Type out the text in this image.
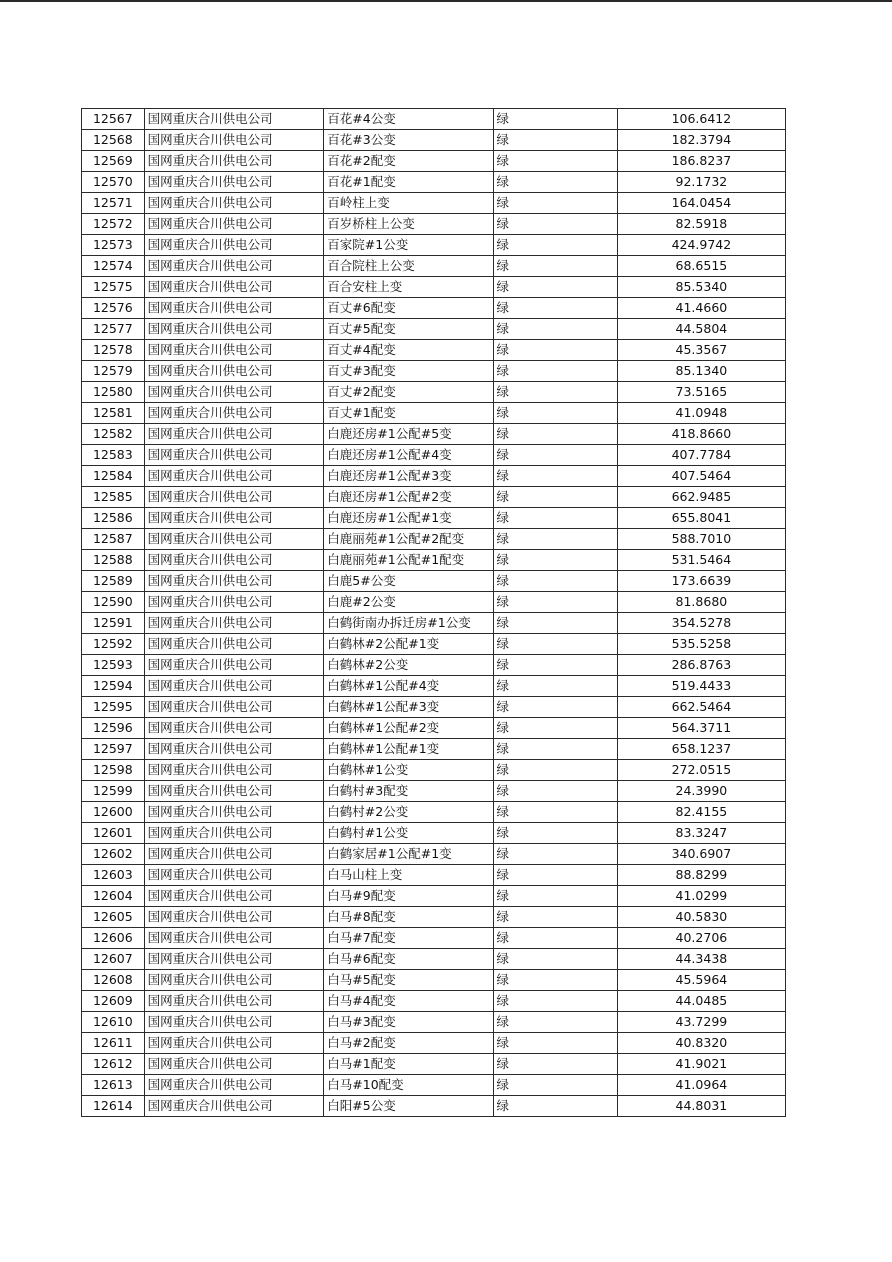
12567	国网重庆合川供电公司	百花#4公变	绿	106.6412
12568	国网重庆合川供电公司	百花#3公变	绿	182.3794
12569	国网重庆合川供电公司	百花#2配变	绿	186.8237
12570	国网重庆合川供电公司	百花#1配变	绿	92.1732
12571	国网重庆合川供电公司	百岭柱上变	绿	164.0454
12572	国网重庆合川供电公司	百岁桥柱上公变	绿	82.5918
12573	国网重庆合川供电公司	百家院#1公变	绿	424.9742
12574	国网重庆合川供电公司	百合院柱上公变	绿	68.6515
12575	国网重庆合川供电公司	百合安柱上变	绿	85.5340
12576	国网重庆合川供电公司	百丈#6配变	绿	41.4660
12577	国网重庆合川供电公司	百丈#5配变	绿	44.5804
12578	国网重庆合川供电公司	百丈#4配变	绿	45.3567
12579	国网重庆合川供电公司	百丈#3配变	绿	85.1340
12580	国网重庆合川供电公司	百丈#2配变	绿	73.5165
12581	国网重庆合川供电公司	百丈#1配变	绿	41.0948
12582	国网重庆合川供电公司	白鹿还房#1公配#5变	绿	418.8660
12583	国网重庆合川供电公司	白鹿还房#1公配#4变	绿	407.7784
12584	国网重庆合川供电公司	白鹿还房#1公配#3变	绿	407.5464
12585	国网重庆合川供电公司	白鹿还房#1公配#2变	绿	662.9485
12586	国网重庆合川供电公司	白鹿还房#1公配#1变	绿	655.8041
12587	国网重庆合川供电公司	白鹿丽苑#1公配#2配变	绿	588.7010
12588	国网重庆合川供电公司	白鹿丽苑#1公配#1配变	绿	531.5464
12589	国网重庆合川供电公司	白鹿5#公变	绿	173.6639
12590	国网重庆合川供电公司	白鹿#2公变	绿	81.8680
12591	国网重庆合川供电公司	白鹤街南办拆迁房#1公变	绿	354.5278
12592	国网重庆合川供电公司	白鹤林#2公配#1变	绿	535.5258
12593	国网重庆合川供电公司	白鹤林#2公变	绿	286.8763
12594	国网重庆合川供电公司	白鹤林#1公配#4变	绿	519.4433
12595	国网重庆合川供电公司	白鹤林#1公配#3变	绿	662.5464
12596	国网重庆合川供电公司	白鹤林#1公配#2变	绿	564.3711
12597	国网重庆合川供电公司	白鹤林#1公配#1变	绿	658.1237
12598	国网重庆合川供电公司	白鹤林#1公变	绿	272.0515
12599	国网重庆合川供电公司	白鹤村#3配变	绿	24.3990
12600	国网重庆合川供电公司	白鹤村#2公变	绿	82.4155
12601	国网重庆合川供电公司	白鹤村#1公变	绿	83.3247
12602	国网重庆合川供电公司	白鹤家居#1公配#1变	绿	340.6907
12603	国网重庆合川供电公司	白马山柱上变	绿	88.8299
12604	国网重庆合川供电公司	白马#9配变	绿	41.0299
12605	国网重庆合川供电公司	白马#8配变	绿	40.5830
12606	国网重庆合川供电公司	白马#7配变	绿	40.2706
12607	国网重庆合川供电公司	白马#6配变	绿	44.3438
12608	国网重庆合川供电公司	白马#5配变	绿	45.5964
12609	国网重庆合川供电公司	白马#4配变	绿	44.0485
12610	国网重庆合川供电公司	白马#3配变	绿	43.7299
12611	国网重庆合川供电公司	白马#2配变	绿	40.8320
12612	国网重庆合川供电公司	白马#1配变	绿	41.9021
12613	国网重庆合川供电公司	白马#10配变	绿	41.0964
12614	国网重庆合川供电公司	白阳#5公变	绿	44.8031
